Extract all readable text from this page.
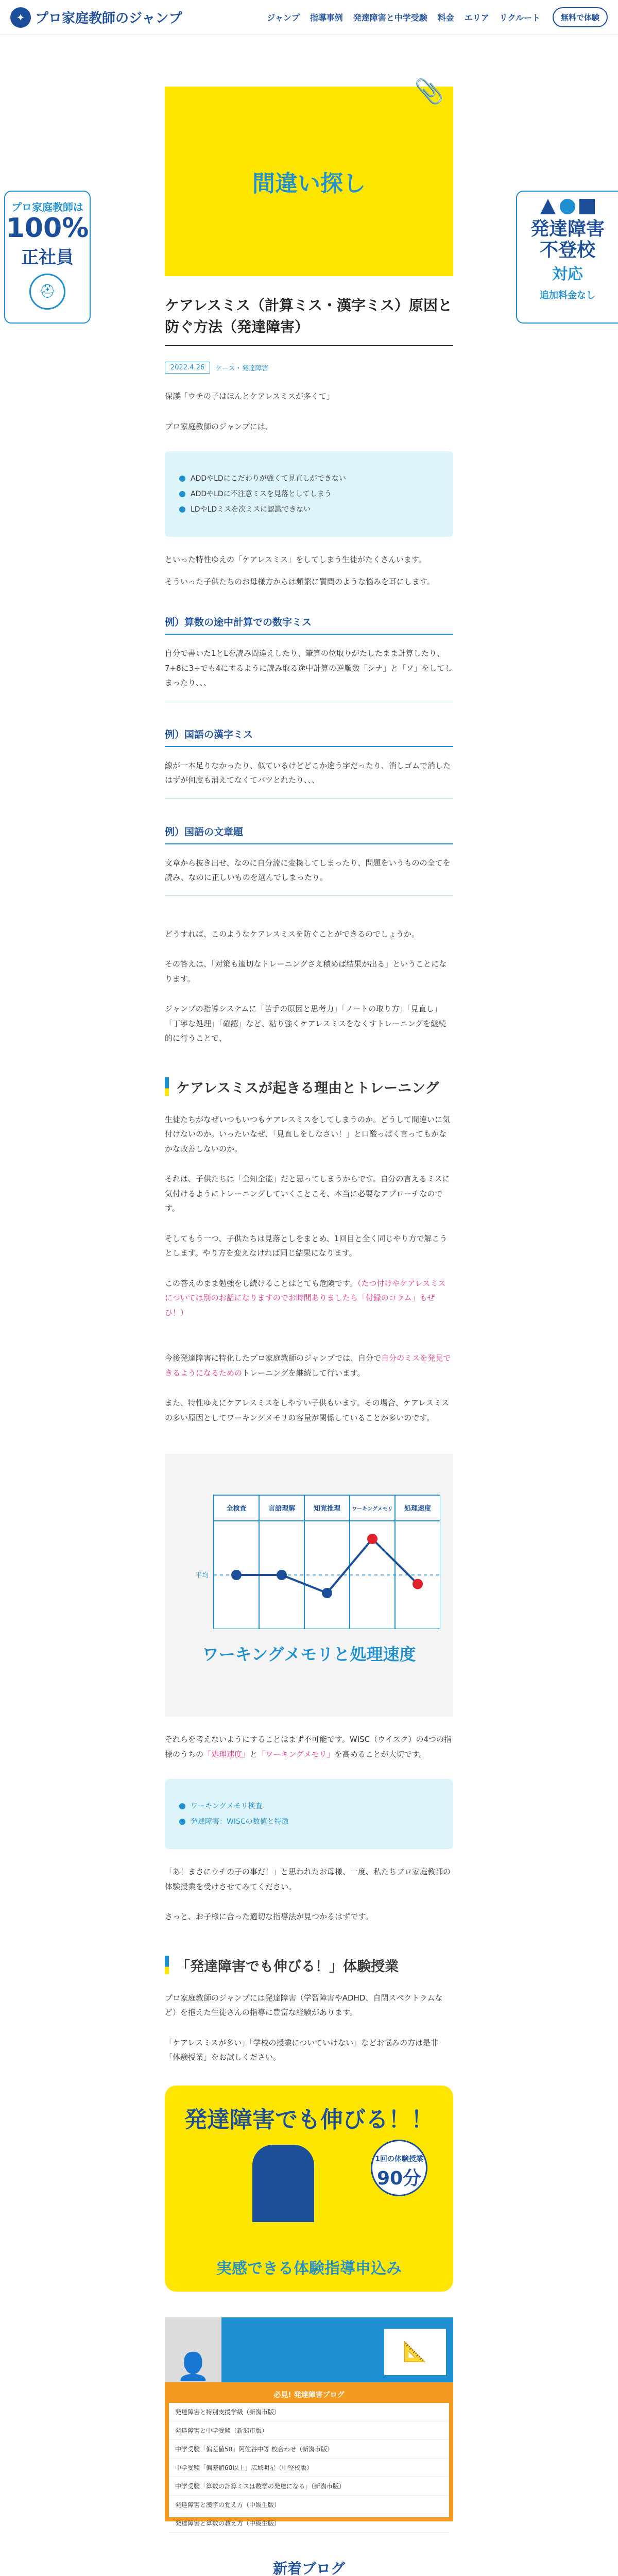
✦ プロ家庭教師のジャンプ	ジャンプ 指導事例 発達障害と中学受験 料金 エリア リクルート	無料で体験
プロ家庭教師は
100%
正社員
⛑
発達障害
不登校
対応
追加料金なし
📎
間違い探し
ケアレスミス（計算ミス・漢字ミス）原因と防ぐ方法（発達障害）
2022.4.26	ケース・発達障害

保護「ウチの子はほんとケアレスミスが多くて」

プロ家庭教師のジャンプには、

ADDやLDにこだわりが強くて見直しができない
ADDやLDに不注意ミスを見落としてしまう
LDやLDミスを次ミスに認識できない

といった特性ゆえの「ケアレスミス」をしてしまう生徒がたくさんいます。

そういった子供たちのお母様方からは頻繁に質問のような悩みを耳にします。

例）算数の途中計算での数字ミス

自分で書いた1とLを読み間違えしたり、筆算の位取りがたしたまま計算したり、7+8に3+でも4にするように読み取る途中計算の逆順数「シナ」と「ソ」をしてしまったり、、、

例）国語の漢字ミス

線が一本足りなかったり、似ているけどどこか違う字だったり、消しゴムで消したはずが何度も消えてなくてバツとれたり、、、

例）国語の文章題

文章から抜き出せ、なのに自分流に変換してしまったり、問題をいうものの全てを読み、なのに正しいものを選んでしまったり。

どうすれば、このようなケアレスミスを防ぐことができるのでしょうか。

その答えは、「対策も適切なトレーニングさえ積めば結果が出る」ということになります。

ジャンプの指導システムに「苦手の原因と思考力」「ノートの取り方」「見直し」「丁寧な処理」「確認」など、粘り強くケアレスミスをなくすトレーニングを継続的に行うことで、

ケアレスミスが起きる理由とトレーニング

生徒たちがなぜいつもいつもケアレスミスをしてしまうのか。どうして間違いに気付けないのか。いったいなぜ、「見直しをしなさい！」と口酸っぱく言ってもかなかな改善しないのか。

それは、子供たちは「全知全能」だと思ってしまうからです。自分の言えるミスに気付けるようにトレーニングしていくことこそ、本当に必要なアプローチなのです。

そしてもう一つ、子供たちは見落としをまとめ、1回目と全く同じやり方で解こうとします。やり方を変えなければ同じ結果になります。

この答えのまま勉強をし続けることはとても危険です。（たつ付けやケアレスミスについては別のお話になりますのでお時間ありましたら「付録のコラム」もぜひ！）

今後発達障害に特化したプロ家庭教師のジャンプでは、自分で自分のミスを発見できるようになるためのトレーニングを継続して行います。

また、特性ゆえにケアレスミスをしやすい子供もいます。その場合、ケアレスミスの多い原因としてワーキングメモリの容量が関係していることが多いのです。

平均
全検査	言語理解	知覚推理 ワーキングメモリ 処理速度
ワーキングメモリと処理速度

それらを考えないようにすることはまず不可能です。WISC（ウイスク）の4つの指標のうちの「処理速度」と「ワーキングメモリ」を高めることが大切です。

ワーキングメモリ検査
発達障害：WISCの数値と特徴

「あ！まさにウチの子の事だ！」と思われたお母様、一度、私たちプロ家庭教師の体験授業を受けさせてみてください。

さっと、お子様に合った適切な指導法が見つかるはずです。

「発達障害でも伸びる！」体験授業

プロ家庭教師のジャンプには発達障害（学習障害やADHD、自閉スペクトラムなど）を抱えた生徒さんの指導に豊富な経験があります。

「ケアレスミスが多い」「学校の授業についていけない」などお悩みの方は是非「体験授業」をお試しください。

発達障害でも伸びる！！
1回の体験授業
90分
実感できる体験指導申込み
👤	📐
必見! 発達障害ブログ
発達障害と特別支援学級（新潟市版）
発達障害と中学受験（新潟市版）
中学受験「偏差値50」阿佐谷中等 校合わせ（新潟市版）
中学受験「偏差値60以上」広域明星（中堅校版）
中学受験「算数の計算ミスは数学の発達になる」（新潟市版）
発達障害と漢字の覚え方（中級生版）
発達障害と算数の教え方（中級生版）
新着ブログ
